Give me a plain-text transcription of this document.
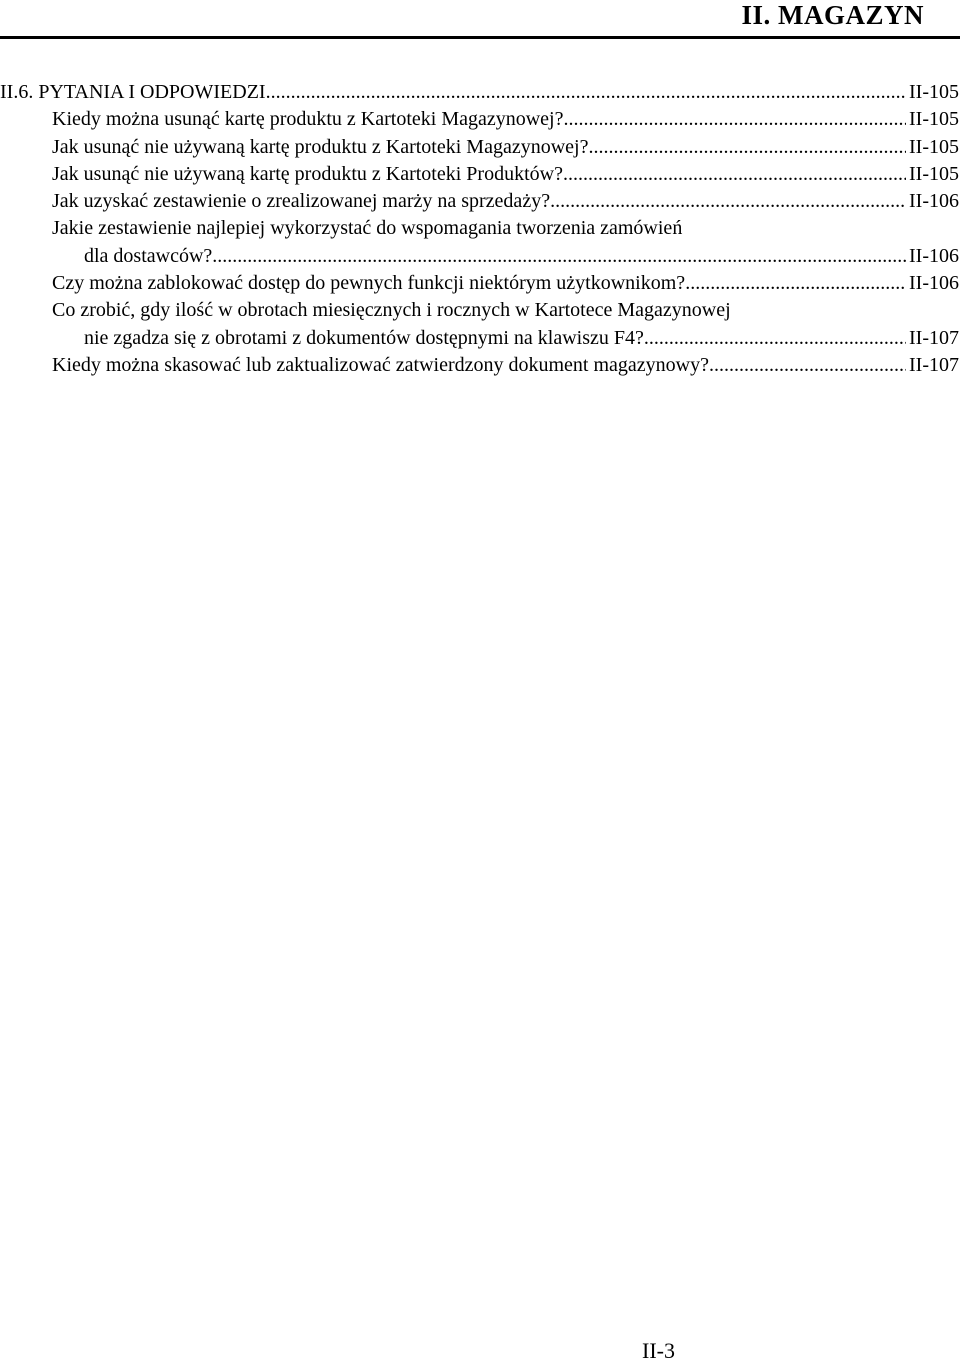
II. MAGAZYN
II.6. PYTANIA I ODPOWIEDZI .....	II-105
Kiedy można usunąć kartę produktu z Kartoteki Magazynowej? .....	II-105
Jak usunąć nie używaną kartę produktu z Kartoteki Magazynowej? .....	II-105
Jak usunąć nie używaną kartę produktu z Kartoteki Produktów? .....	II-105
Jak uzyskać zestawienie o zrealizowanej marży na sprzedaży? .....	II-106
Jakie zestawienie najlepiej wykorzystać do wspomagania tworzenia zamówień
dla dostawców? .....	II-106
Czy można zablokować dostęp do pewnych funkcji niektórym użytkownikom? .....	II-106
Co zrobić, gdy ilość w obrotach miesięcznych i rocznych w Kartotece Magazynowej
nie zgadza się z obrotami z dokumentów dostępnymi na klawiszu F4? .....	II-107
Kiedy można skasować lub zaktualizować zatwierdzony dokument magazynowy? .....	II-107
II-3
